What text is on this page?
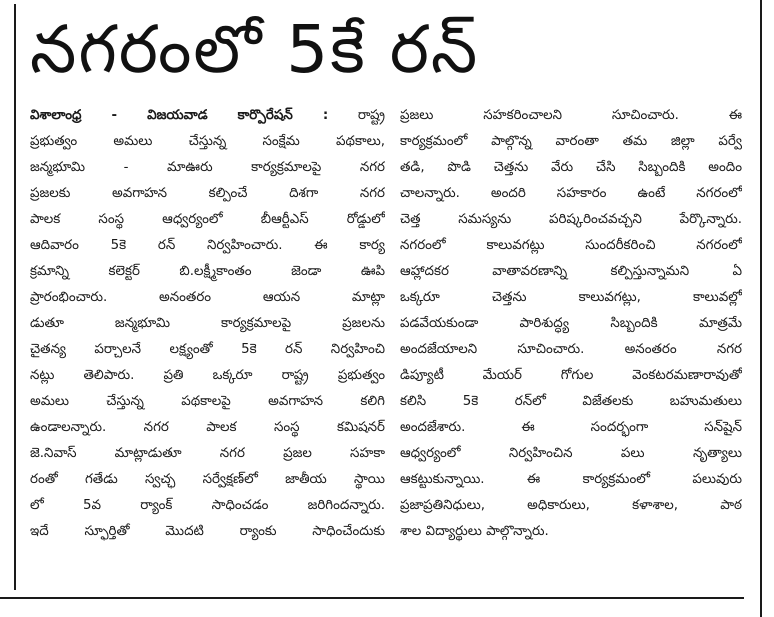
నగరంలో 5కే రన్
విశాలాంధ్ర - విజయవాడ కార్పొరేషన్ : రాష్ట్ర
ప్రభుత్వం అమలు చేస్తున్న సంక్షేమ పథకాలు,
జన్మభూమి - మాఊరు కార్యక్రమాలపై నగర
ప్రజలకు అవగాహన కల్పించే దిశగా నగర
పాలక సంస్థ ఆధ్వర్యంలో బీఆర్టీఎస్ రోడ్డులో
ఆదివారం 5కె రన్ నిర్వహించారు. ఈ కార్య
క్రమాన్ని కలెక్టర్ బి.లక్ష్మీకాంతం జెండా ఊపి
ప్రారంభించారు. అనంతరం ఆయన మాట్లా
డుతూ జన్మభూమి కార్యక్రమాలపై ప్రజలను
చైతన్య పర్చాలనే లక్ష్యంతో 5కె రన్ నిర్వహించి
నట్లు తెలిపారు. ప్రతి ఒక్కరూ రాష్ట్ర ప్రభుత్వం
అమలు చేస్తున్న పథకాలపై అవగాహన కలిగి
ఉండాలన్నారు. నగర పాలక సంస్థ కమిషనర్
జె.నివాస్ మాట్లాడుతూ నగర ప్రజల సహకా
రంతో గతేడు స్వచ్ఛ సర్వేక్షణ్‌లో జాతీయ స్థాయి
లో 5వ ర్యాంక్ సాధించడం జరిగిందన్నారు.
ఇదే స్ఫూర్తితో మొదటి ర్యాంకు సాధించేందుకు
ప్రజలు సహకరించాలని సూచించారు. ఈ
కార్యక్రమంలో పాల్గొన్న వారంతా తమ జిల్లా పర్వే
తడి, పొడి చెత్తను వేరు చేసి సిబ్బందికి అందిం
చాలన్నారు. అందరి సహకారం ఉంటే నగరంలో
చెత్త సమస్యను పరిష్కరించవచ్చని పేర్కొన్నారు.
నగరంలో కాలువగట్లు సుందరీకరించి నగరంలో
ఆహ్లాదకర వాతావరణాన్ని కల్పిస్తున్నామని ఏ
ఒక్కరూ చెత్తను కాలువగట్లు, కాలువల్లో
పడవేయకుండా పారిశుద్ధ్య సిబ్బందికి మాత్రమే
అందజేయాలని సూచించారు. అనంతరం నగర
డిప్యూటీ మేయర్ గోగుల వెంకటరమణారావుతో
కలిసి 5కె రన్‌లో విజేతలకు బహుమతులు
అందజేశారు. ఈ సందర్భంగా సన్‌షైన్
ఆధ్వర్యంలో నిర్వహించిన పలు నృత్యాలు
ఆకట్టుకున్నాయి. ఈ కార్యక్రమంలో పలువురు
ప్రజాప్రతినిధులు, అధికారులు, కళాశాల, పాఠ
శాల విద్యార్థులు పాల్గొన్నారు.
